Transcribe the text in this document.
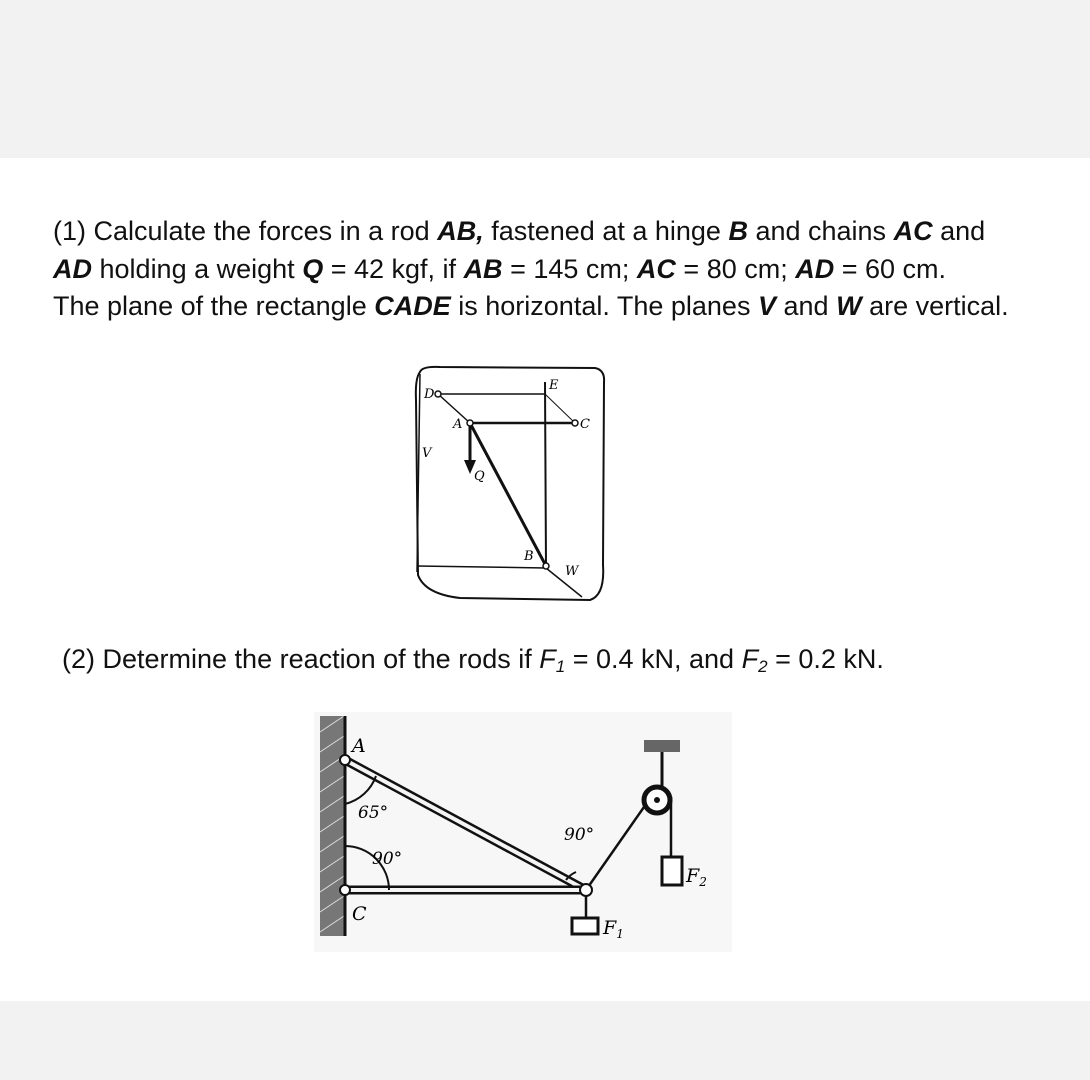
(1) Calculate the forces in a rod AB, fastened at a hinge B and chains AC and
AD holding a weight Q = 42 kgf, if AB = 145 cm; AC = 80 cm; AD = 60 cm.
The plane of the rectangle CADE is horizontal. The planes V and W are vertical.

D
E
C
A
V
Q
B
W

(2) Determine the reaction of the rods if $F_1 = 0.4$ kN, and $F_2 = 0.2$ kN.

A
C
65°
90°
90°
$F_1$
$F_2$
